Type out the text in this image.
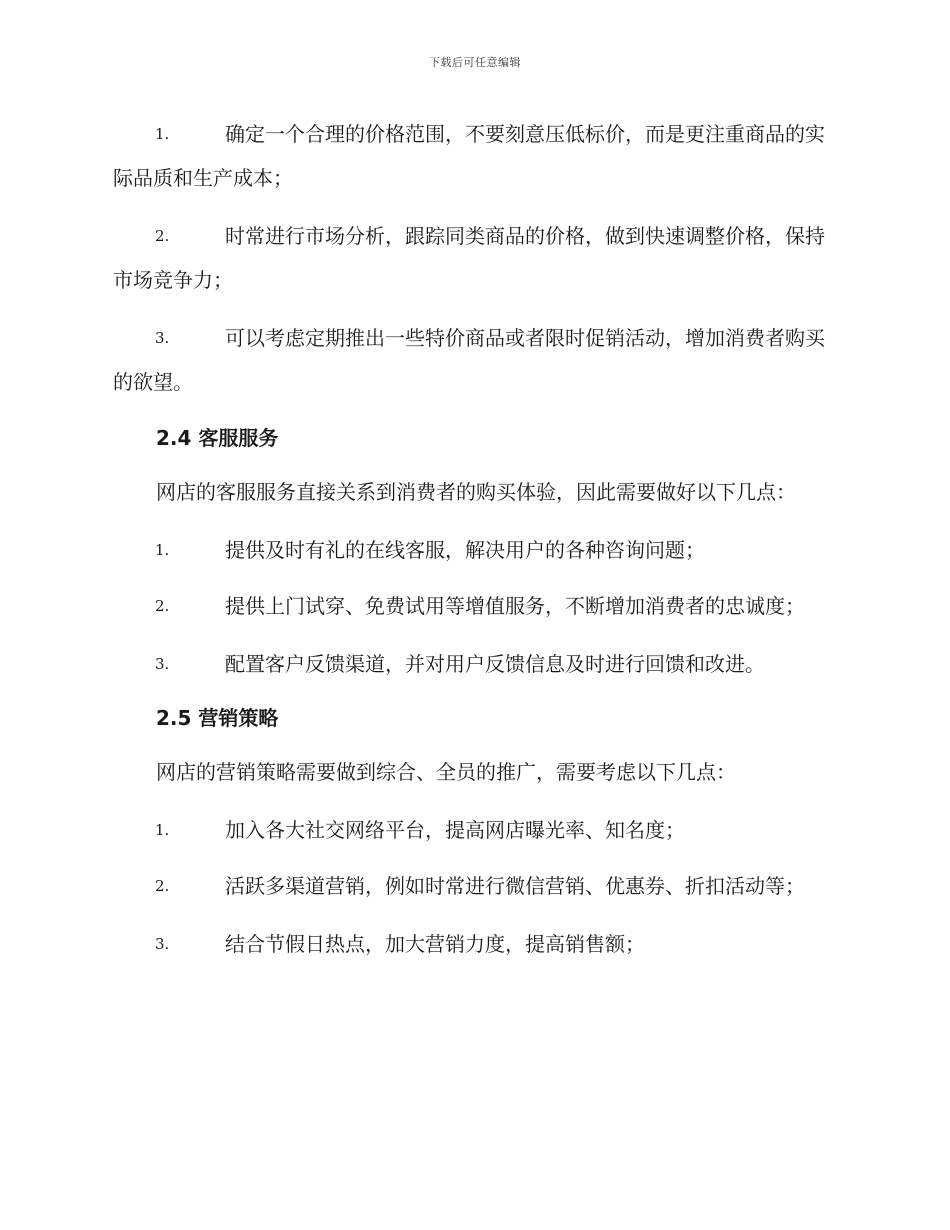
下载后可任意编辑
1.	确定一个合理的价格范围，不要刻意压低标价，而是更注重商品的实际品质和生产成本；
2.	时常进行市场分析，跟踪同类商品的价格，做到快速调整价格，保持市场竞争力；
3.	可以考虑定期推出一些特价商品或者限时促销活动，增加消费者购买的欲望。
2.4 客服服务
网店的客服服务直接关系到消费者的购买体验，因此需要做好以下几点：
1.	提供及时有礼的在线客服，解决用户的各种咨询问题；
2.	提供上门试穿、免费试用等增值服务，不断增加消费者的忠诚度；
3.	配置客户反馈渠道，并对用户反馈信息及时进行回馈和改进。
2.5 营销策略
网店的营销策略需要做到综合、全员的推广，需要考虑以下几点：
1.	加入各大社交网络平台，提高网店曝光率、知名度；
2.	活跃多渠道营销，例如时常进行微信营销、优惠券、折扣活动等；
3.	结合节假日热点，加大营销力度，提高销售额；
